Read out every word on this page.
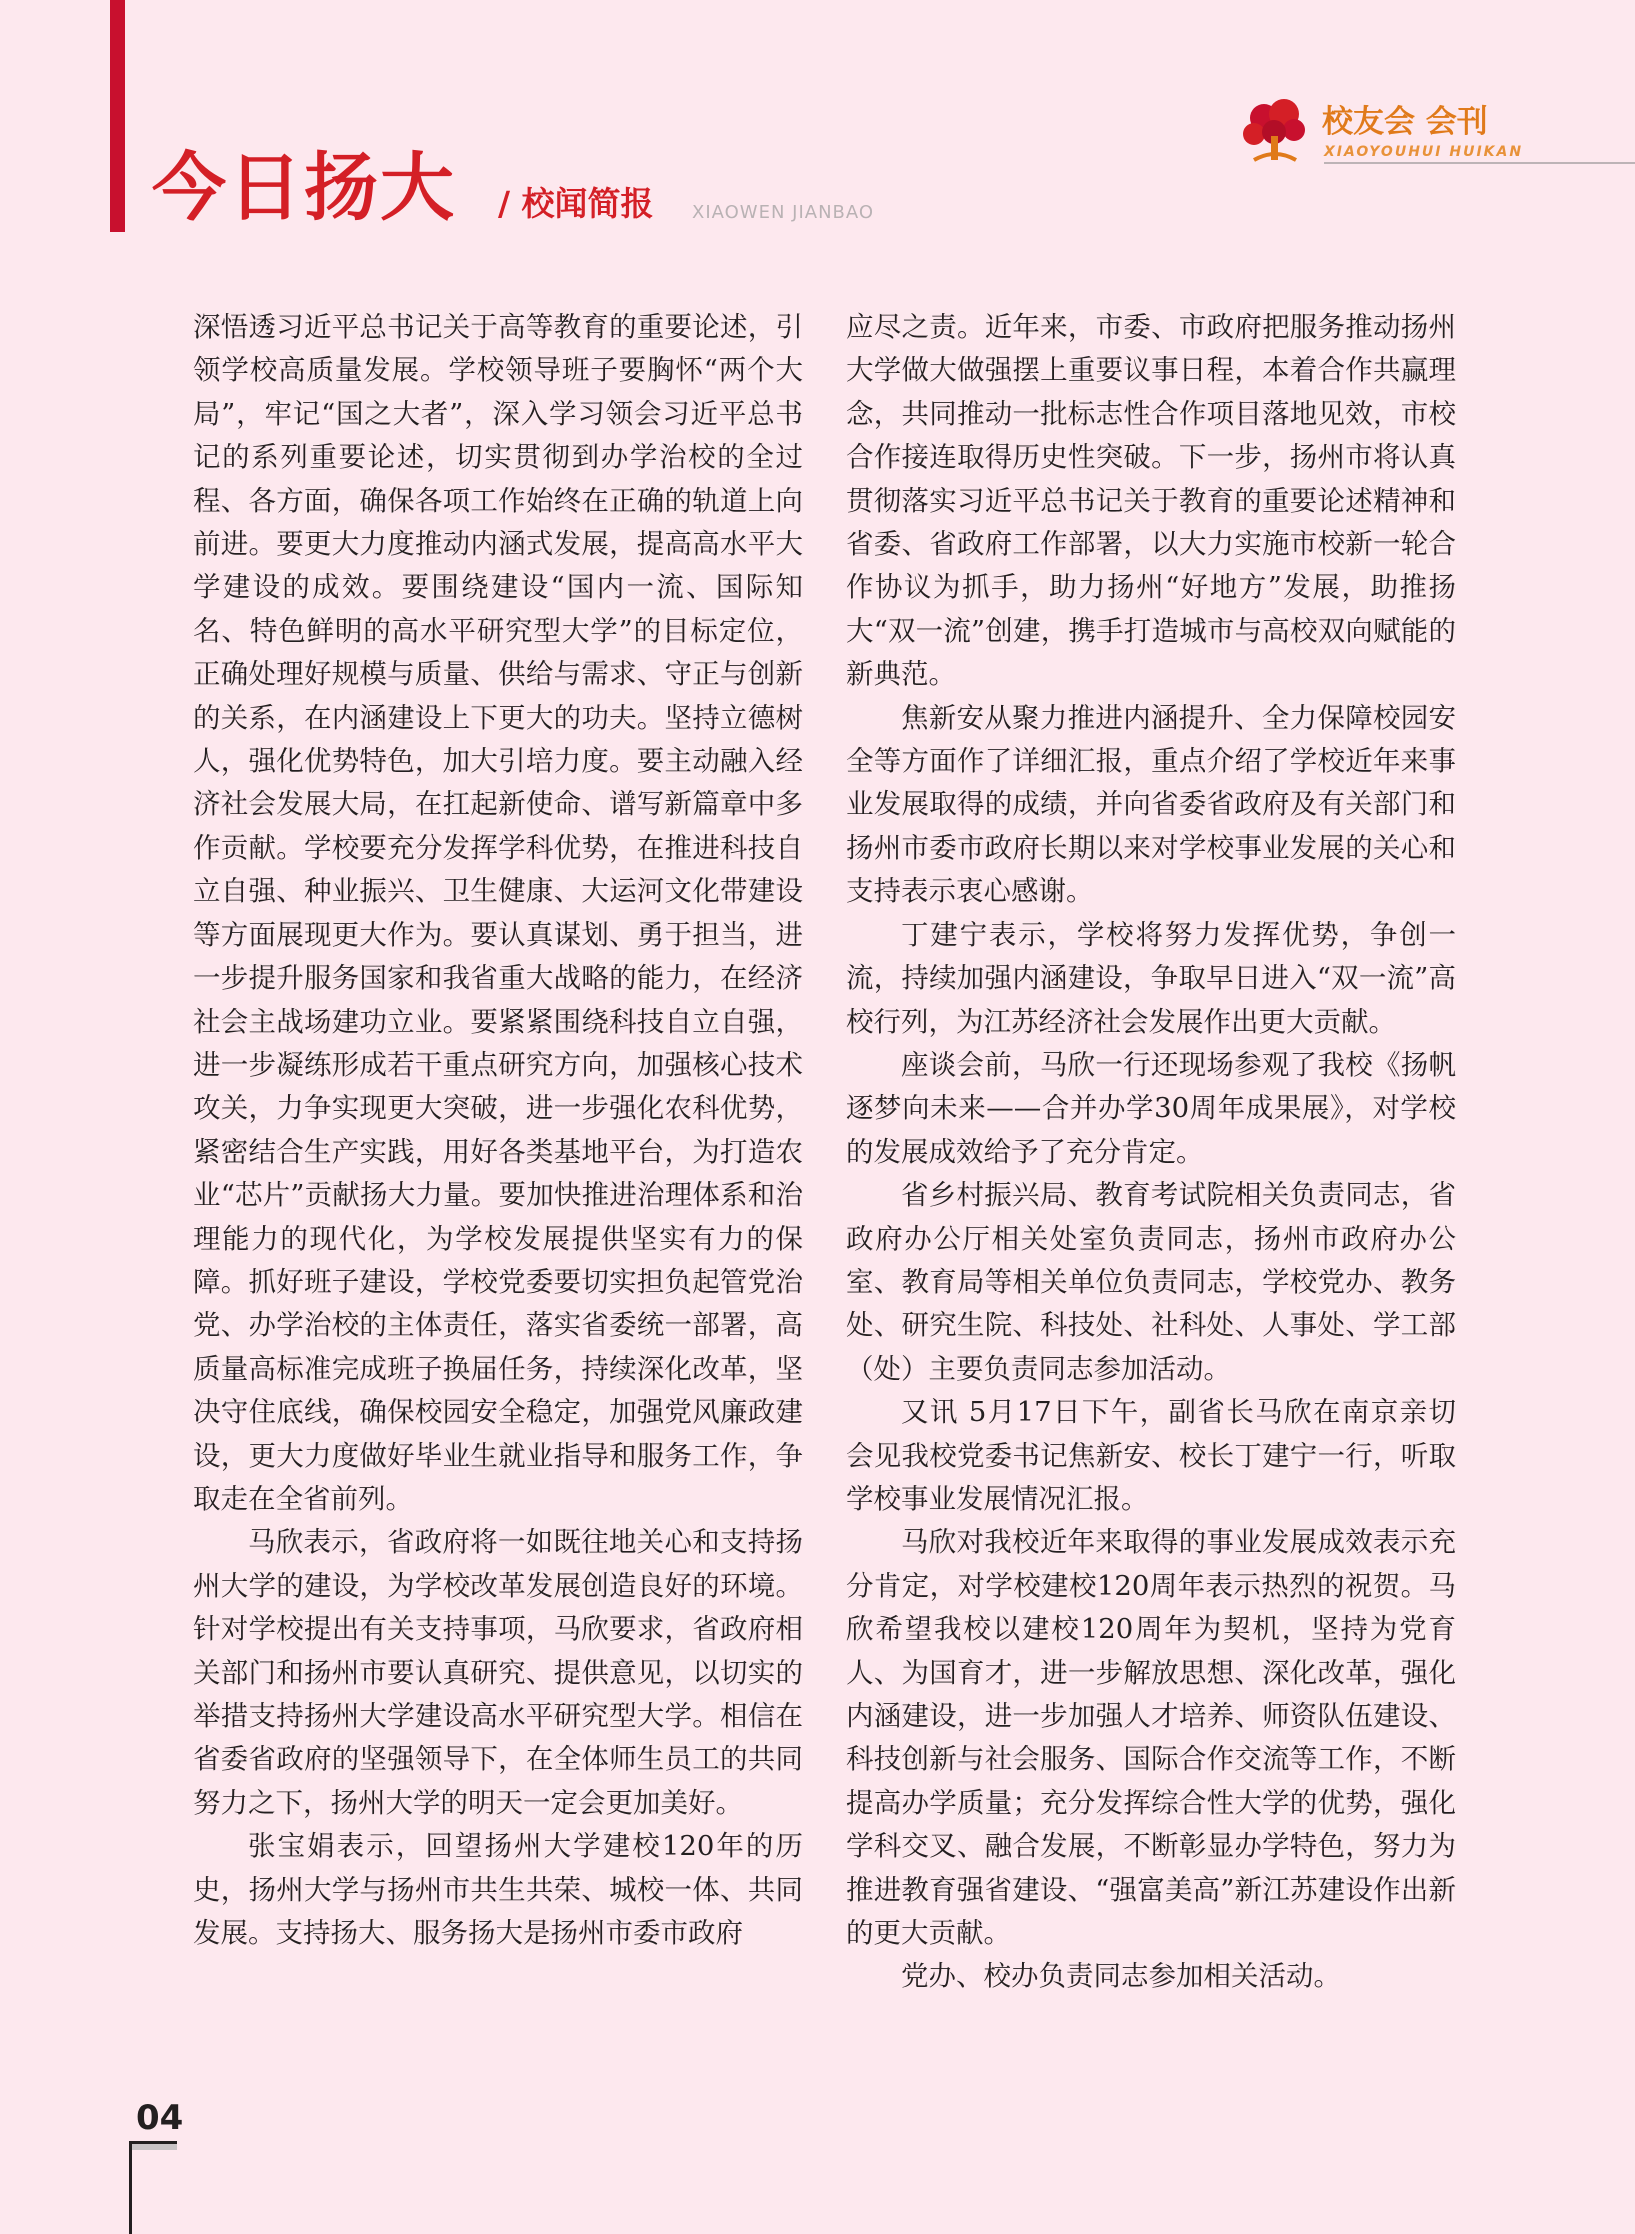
今日扬大 / 校闻简报 XIAOWEN JIANBAO
校友会 会刊
XIAOYOUHUI HUIKAN

深悟透习近平总书记关于高等教育的重要论述，引领学校高质量发展。学校领导班子要胸怀“两个大局”，牢记“国之大者”，深入学习领会习近平总书记的系列重要论述，切实贯彻到办学治校的全过程、各方面，确保各项工作始终在正确的轨道上向前进。要更大力度推动内涵式发展，提高高水平大学建设的成效。要围绕建设“国内一流、国际知名、特色鲜明的高水平研究型大学”的目标定位，正确处理好规模与质量、供给与需求、守正与创新的关系，在内涵建设上下更大的功夫。坚持立德树人，强化优势特色，加大引培力度。要主动融入经济社会发展大局，在扛起新使命、谱写新篇章中多作贡献。学校要充分发挥学科优势，在推进科技自立自强、种业振兴、卫生健康、大运河文化带建设等方面展现更大作为。要认真谋划、勇于担当，进一步提升服务国家和我省重大战略的能力，在经济社会主战场建功立业。要紧紧围绕科技自立自强，进一步凝练形成若干重点研究方向，加强核心技术攻关，力争实现更大突破，进一步强化农科优势，紧密结合生产实践，用好各类基地平台，为打造农业“芯片”贡献扬大力量。要加快推进治理体系和治理能力的现代化，为学校发展提供坚实有力的保障。抓好班子建设，学校党委要切实担负起管党治党、办学治校的主体责任，落实省委统一部署，高质量高标准完成班子换届任务，持续深化改革，坚决守住底线，确保校园安全稳定，加强党风廉政建设，更大力度做好毕业生就业指导和服务工作，争取走在全省前列。

马欣表示，省政府将一如既往地关心和支持扬州大学的建设，为学校改革发展创造良好的环境。针对学校提出有关支持事项，马欣要求，省政府相关部门和扬州市要认真研究、提供意见，以切实的举措支持扬州大学建设高水平研究型大学。相信在省委省政府的坚强领导下，在全体师生员工的共同努力之下，扬州大学的明天一定会更加美好。

张宝娟表示，回望扬州大学建校120年的历史，扬州大学与扬州市共生共荣、城校一体、共同发展。支持扬大、服务扬大是扬州市委市政府

应尽之责。近年来，市委、市政府把服务推动扬州大学做大做强摆上重要议事日程，本着合作共赢理念，共同推动一批标志性合作项目落地见效，市校合作接连取得历史性突破。下一步，扬州市将认真贯彻落实习近平总书记关于教育的重要论述精神和省委、省政府工作部署，以大力实施市校新一轮合作协议为抓手，助力扬州“好地方”发展，助推扬大“双一流”创建，携手打造城市与高校双向赋能的新典范。

焦新安从聚力推进内涵提升、全力保障校园安全等方面作了详细汇报，重点介绍了学校近年来事业发展取得的成绩，并向省委省政府及有关部门和扬州市委市政府长期以来对学校事业发展的关心和支持表示衷心感谢。

丁建宁表示，学校将努力发挥优势，争创一流，持续加强内涵建设，争取早日进入“双一流”高校行列，为江苏经济社会发展作出更大贡献。

座谈会前，马欣一行还现场参观了我校《扬帆逐梦向未来——合并办学30周年成果展》，对学校的发展成效给予了充分肯定。

省乡村振兴局、教育考试院相关负责同志，省政府办公厅相关处室负责同志，扬州市政府办公室、教育局等相关单位负责同志，学校党办、教务处、研究生院、科技处、社科处、人事处、学工部（处）主要负责同志参加活动。

又讯 5月17日下午，副省长马欣在南京亲切会见我校党委书记焦新安、校长丁建宁一行，听取学校事业发展情况汇报。

马欣对我校近年来取得的事业发展成效表示充分肯定，对学校建校120周年表示热烈的祝贺。马欣希望我校以建校120周年为契机，坚持为党育人、为国育才，进一步解放思想、深化改革，强化内涵建设，进一步加强人才培养、师资队伍建设、科技创新与社会服务、国际合作交流等工作，不断提高办学质量；充分发挥综合性大学的优势，强化学科交叉、融合发展，不断彰显办学特色，努力为推进教育强省建设、“强富美高”新江苏建设作出新的更大贡献。

党办、校办负责同志参加相关活动。

04
